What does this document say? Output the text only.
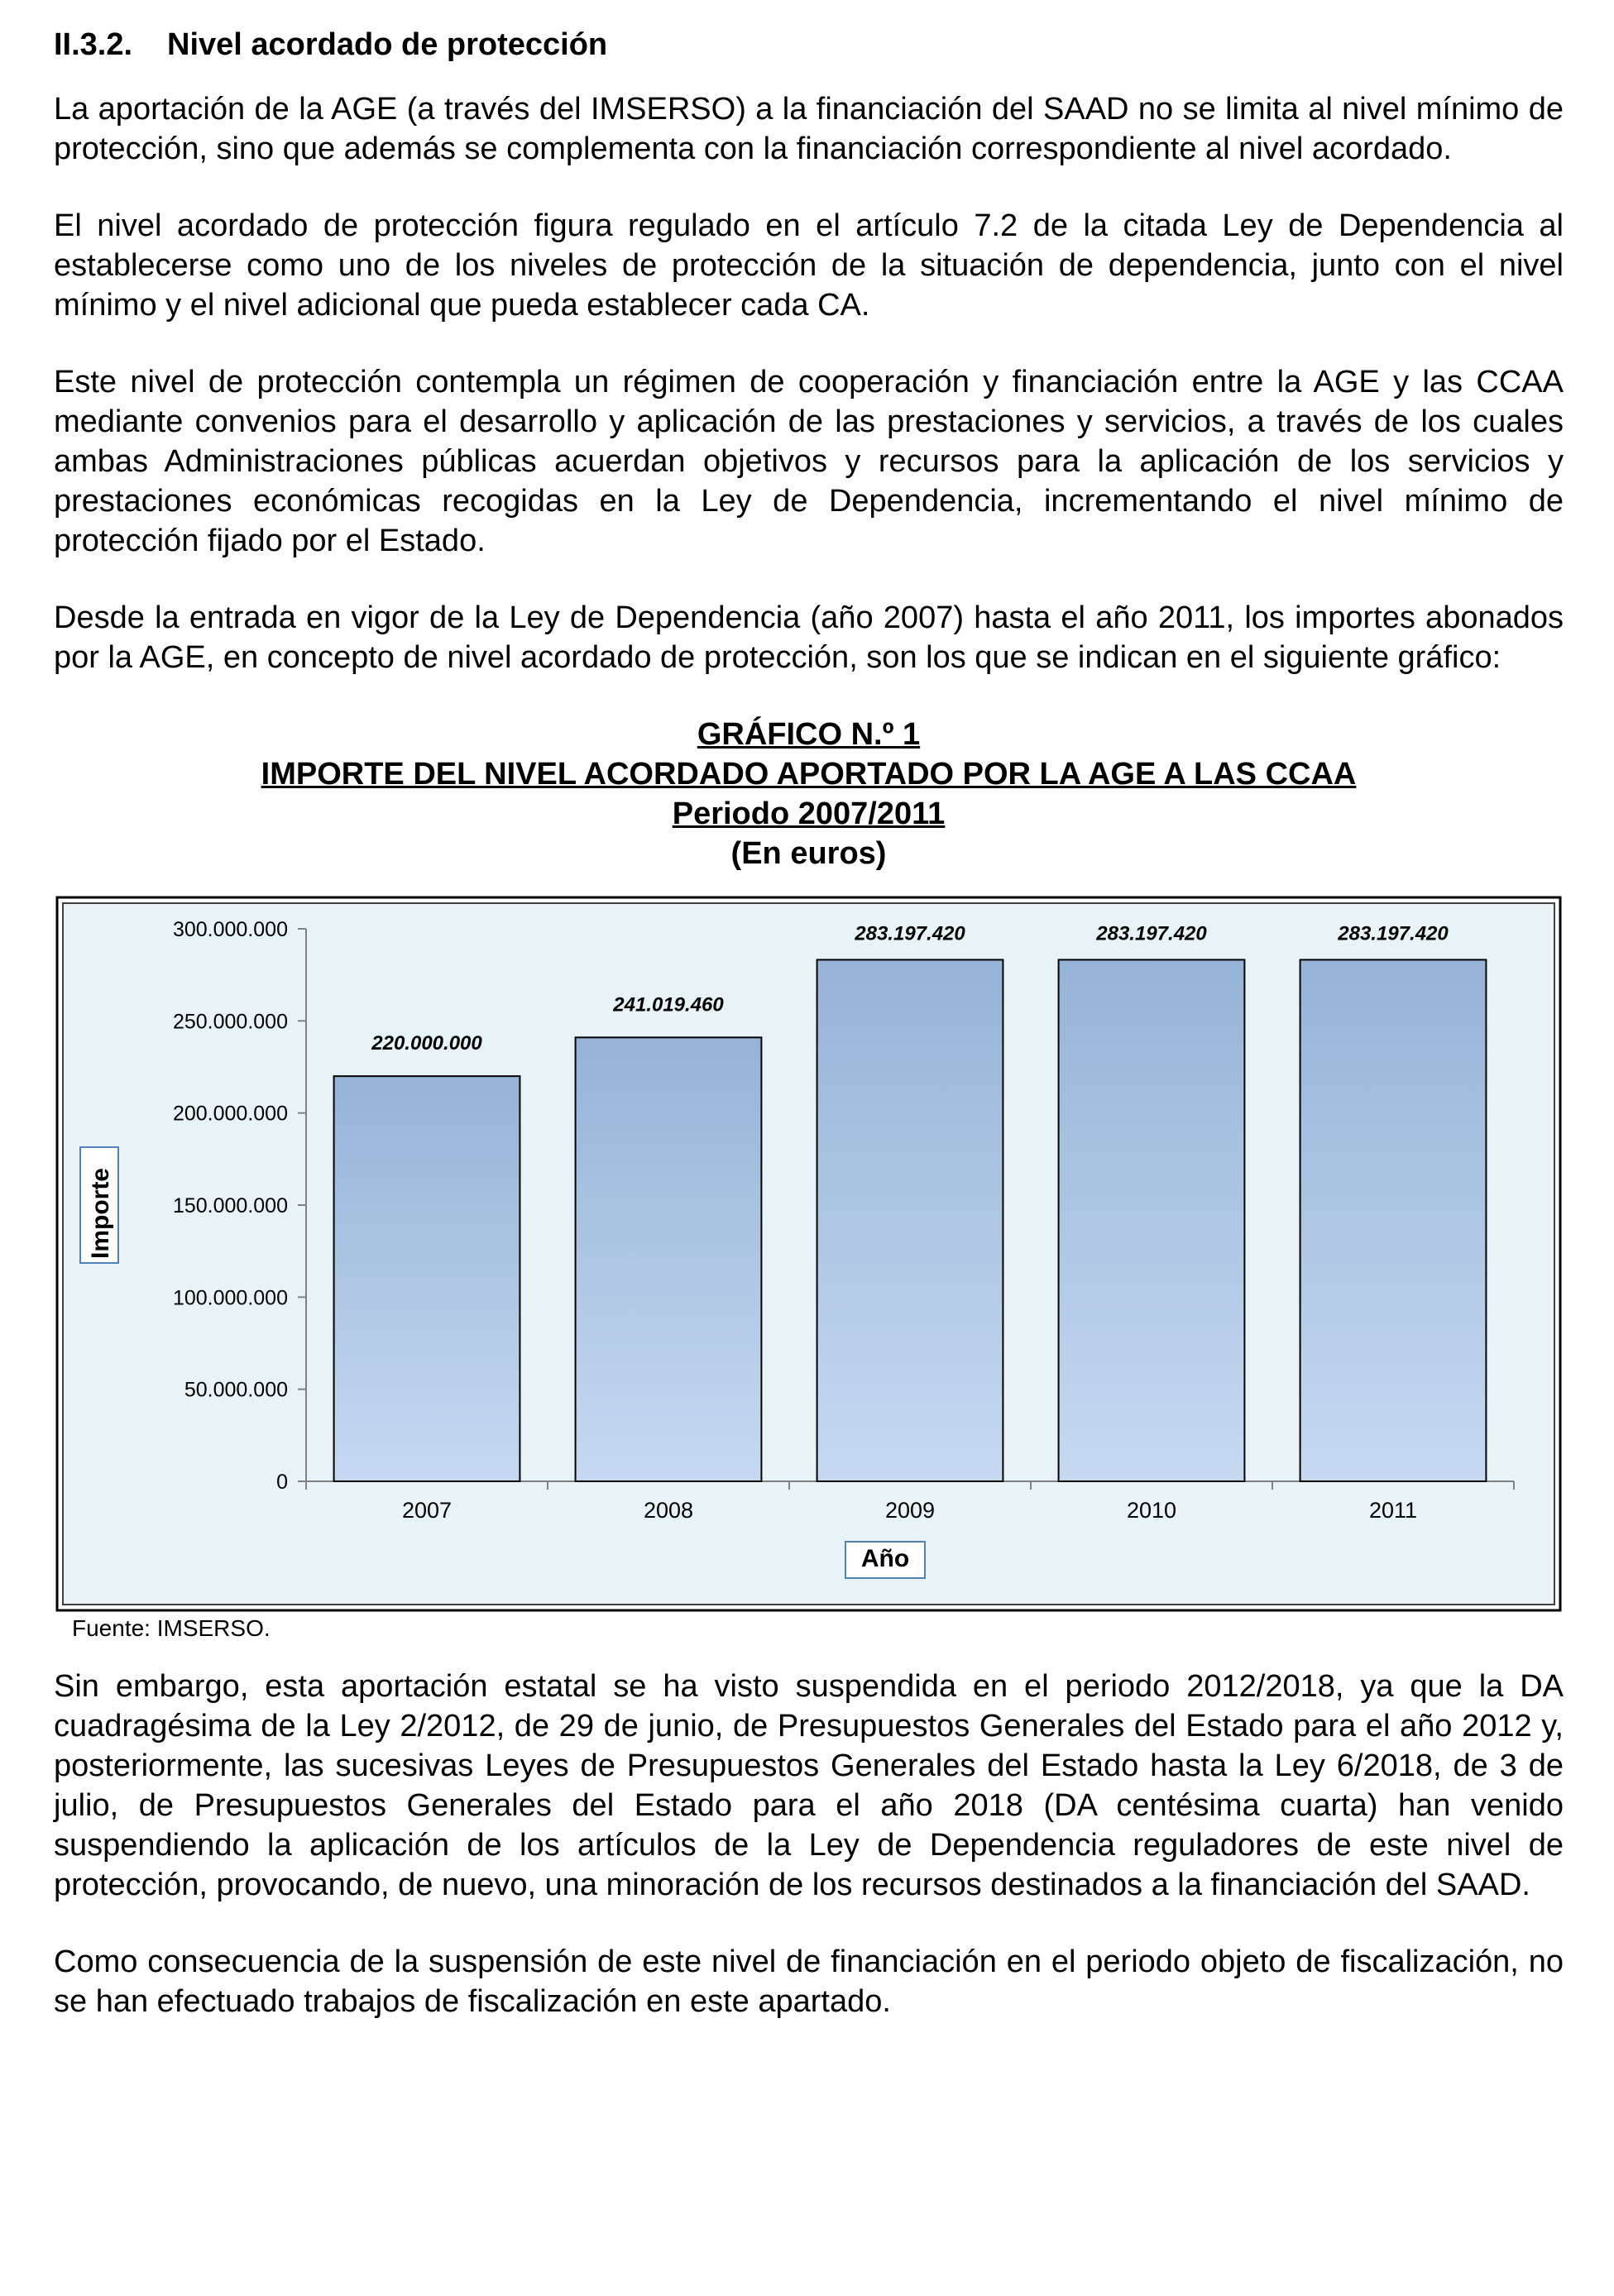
II.3.2. Nivel acordado de protección

La aportación de la AGE (a través del IMSERSO) a la financiación del SAAD no se limita al nivel mínimo de protección, sino que además se complementa con la financiación correspondiente al nivel acordado.

El nivel acordado de protección figura regulado en el artículo 7.2 de la citada Ley de Dependencia al establecerse como uno de los niveles de protección de la situación de dependencia, junto con el nivel mínimo y el nivel adicional que pueda establecer cada CA.

Este nivel de protección contempla un régimen de cooperación y financiación entre la AGE y las CCAA mediante convenios para el desarrollo y aplicación de las prestaciones y servicios, a través de los cuales ambas Administraciones públicas acuerdan objetivos y recursos para la aplicación de los servicios y prestaciones económicas recogidas en la Ley de Dependencia, incrementando el nivel mínimo de protección fijado por el Estado.

Desde la entrada en vigor de la Ley de Dependencia (año 2007) hasta el año 2011, los importes abonados por la AGE, en concepto de nivel acordado de protección, son los que se indican en el siguiente gráfico:

GRÁFICO N.º 1
IMPORTE DEL NIVEL ACORDADO APORTADO POR LA AGE A LAS CCAA
Periodo 2007/2011
(En euros)
0
50.000.000
100.000.000
150.000.000
200.000.000
250.000.000
300.000.000
220.000.000
2007
241.019.460
2008
283.197.420
2009
283.197.420
2010
283.197.420
2011
Año
Importe
Fuente: IMSERSO.

Sin embargo, esta aportación estatal se ha visto suspendida en el periodo 2012/2018, ya que la DA cuadragésima de la Ley 2/2012, de 29 de junio, de Presupuestos Generales del Estado para el año 2012 y, posteriormente, las sucesivas Leyes de Presupuestos Generales del Estado hasta la Ley 6/2018, de 3 de julio, de Presupuestos Generales del Estado para el año 2018 (DA centésima cuarta) han venido suspendiendo la aplicación de los artículos de la Ley de Dependencia reguladores de este nivel de protección, provocando, de nuevo, una minoración de los recursos destinados a la financiación del SAAD.

Como consecuencia de la suspensión de este nivel de financiación en el periodo objeto de fiscalización, no se han efectuado trabajos de fiscalización en este apartado.
